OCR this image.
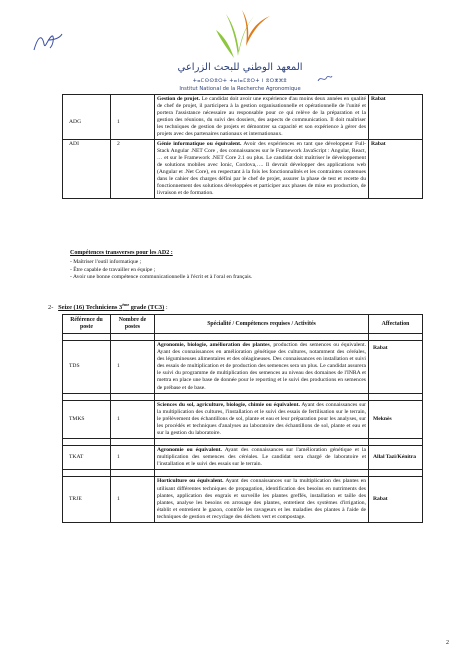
المعهد الوطني للبحث الزراعي
ⵜⴰⵎⵙⵙⵓⵔⵜ ⵜⴰⵏⴰⵎⵓⵔⵜ ⵏ ⵓⵔⵣⵣⵓ
Institut National de la Recherche Agronomique
ADG	1	Gestion de projet. Le candidat doit avoir une expérience d'au moins deux années en qualité de chef de projet, il participera à la gestion organisationnelle et opérationnelle de l'unité et portera l'assistance nécessaire au responsable pour ce qui relève de la préparation et la gestion des réunions, du suivi des dossiers, des aspects de communication. Il doit maîtriser les techniques de gestion de projets et démontrer sa capacité et son expérience à gérer des projets avec des partenaires nationaux et internationaux.	Rabat
ADI	2	Génie informatique ou équivalent. Avoir des expériences en tant que développeur Full-Stack Angular .NET Core , des connaissances sur le Framework JavaScript : Angular, React, … et sur le Framework .NET Core 2.1 ou plus. Le candidat doit maîtriser le développement de solutions mobiles avec Ionic, Cordova,…. Il devrait développer des applications web (Angular et .Net Core), en respectant à la fois les fonctionnalités et les contraintes contenues dans le cahier des charges défini par le chef de projet, assurer la phase de test et recette du fonctionnement des solutions développées et participer aux phases de mise en production, de livraison et de formation.	Rabat
Compétences transverses pour les AD2 :
- Maîtriser l'outil informatique ;
- Être capable de travailler en équipe ;
- Avoir une bonne compétence communicationnelle à l'écrit et à l'oral en français.
2- Seize (16) Techniciens 3ème grade (TC3) :
Référence du poste	Nombre de postes	Spécialité / Compétences requises / Activités	Affectation

TDS	1	Agronomie, biologie, amélioration des plantes, production des semences ou équivalent. Ayant des connaissances en amélioration génétique des cultures, notamment des céréales, des légumineuses alimentaires et des oléagineuses. Des connaissances en installation et suivi des essais de multiplication et de production des semences sera un plus. Le candidat assurera le suivi du programme de multiplication des semences au niveau des domaines de l'INRA et mettra en place une base de donnée pour le reporting et le suivi des productions en semences de prébase et de base.	Rabat

TMKS	1	Sciences du sol, agriculture, biologie, chimie ou équivalent. Ayant des connaissances sur la multiplication des cultures, l'installation et le suivi des essais de fertilisation sur le terrain, le prélèvement des échantillons de sol, plante et eau et leur préparation pour les analyses, sur les procédés et techniques d'analyses au laboratoire des échantillons de sol, plante et eau et sur la gestion du laboratoire.	Meknès

TKAT	1	Agronomie ou équivalent. Ayant des connaissances sur l'amélioration génétique et la multiplication des semences des céréales. Le candidat sera chargé de laboratoire et l'installation et le suivi des essais sur le terrain.	Allal Tazi/Kénitra

TRJE	1	Horticulture ou équivalent. Ayant des connaissances sur la multiplication des plantes en utilisant différentes techniques de propagation, identification des besoins en nutriments des plantes, application des engrais et surveille les plantes greffés, installation et taille des plantes, analyse les besoins en arrosage des plantes, entretient des systèmes d'irrigation, établit et entretient le gazon, contrôle les ravageurs et les maladies des plantes à l'aide de techniques de gestion et recyclage des déchets vert et compostage.	Rabat
2
